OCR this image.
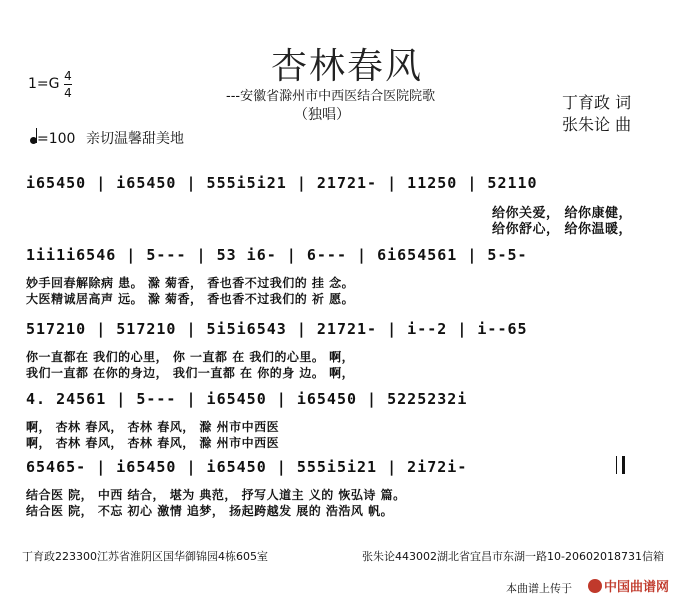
杏林春风
---安徽省滁州市中西医结合医院院歌
（独唱）
丁育政 词
张朱论 曲
1=G 4
4
=100 亲切温馨甜美地
i65450 | i65450 | 555i5i21 | 21721- | 11250 | 52110
给你关爱， 给你康健，
给你舒心， 给你温暖，
1ii1i6546 | 5--- | 53 i6- | 6--- | 6i654561 | 5-5-
妙手回春解除病 患。 滁 菊香， 香也香不过我们的 挂 念。
大医精诚居高声 远。 滁 菊香， 香也香不过我们的 祈 愿。
517210 | 517210 | 5i5i6543 | 21721- | i--2 | i--65
你一直都在 我们的心里， 你 一直都 在 我们的心里。 啊，
我们一直都 在你的身边， 我们一直都 在 你的身 边。 啊，
4. 24561 | 5--- | i65450 | i65450 | 5225232i
啊， 杏林 春风， 杏林 春风， 滁 州市中西医
啊， 杏林 春风， 杏林 春风， 滁 州市中西医
65465- | i65450 | i65450 | 555i5i21 | 2i72i-
结合医 院， 中西 结合， 堪为 典范， 抒写人道主 义的 恢弘诗 篇。
结合医 院， 不忘 初心 激情 追梦， 扬起跨越发 展的 浩浩风 帆。
丁育政223300江苏省淮阴区国华御锦园4栋605室	张朱论443002湖北省宜昌市东湖一路10-20602018731信箱
本曲谱上传于	中国曲谱网
